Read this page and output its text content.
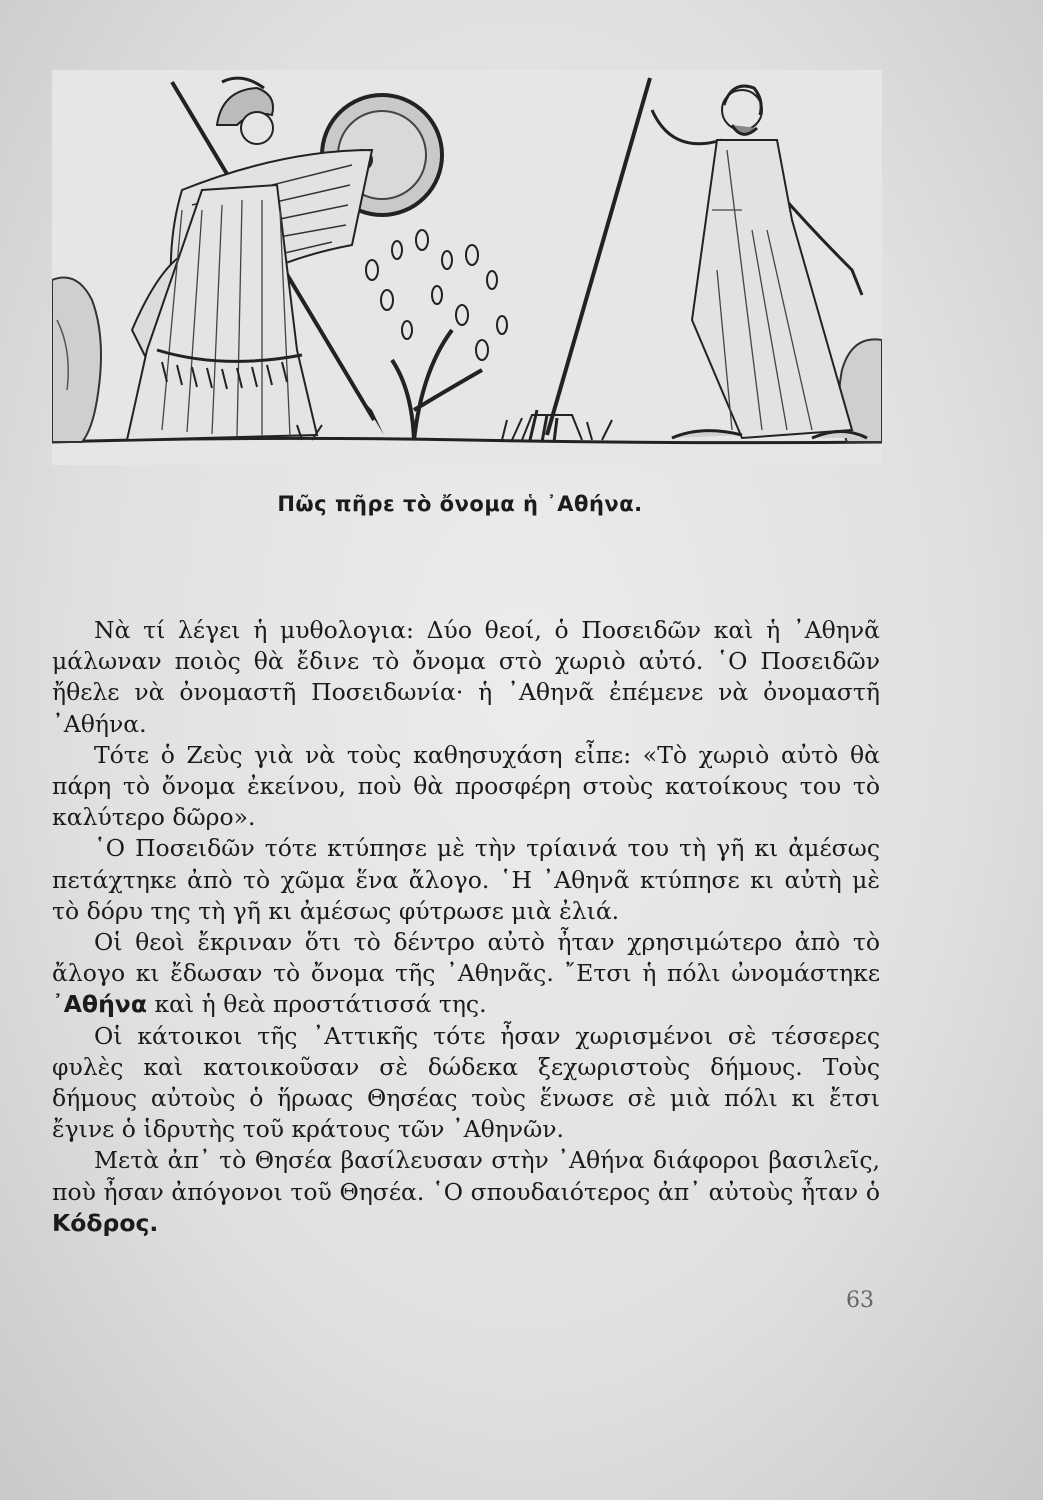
Πῶς πῆρε τὸ ὄνομα ἡ ᾿Αθήνα.

Νὰ τί λέγει ἡ μυθολογια: Δύο θεοί, ὁ Ποσειδῶν καὶ ἡ ᾿Αθηνᾶ μάλωναν ποιὸς θὰ ἔδινε τὸ ὄνομα στὸ χωριὸ αὐτό. ῾Ο Ποσειδῶν ἤθελε νὰ ὀνομαστῆ Ποσειδωνία· ἡ ᾿Αθηνᾶ ἐπέμενε νὰ ὀνομαστῆ ᾿Αθήνα.

Τότε ὁ Ζεὺς γιὰ νὰ τοὺς καθησυχάση εἶπε: «Τὸ χωριὸ αὐτὸ θὰ πάρη τὸ ὄνομα ἐκείνου, ποὺ θὰ προσφέρη στοὺς κατοίκους του τὸ καλύτερο δῶρο».

῾Ο Ποσειδῶν τότε κτύπησε μὲ τὴν τρίαινά του τὴ γῆ κι ἀμέσως πετάχτηκε ἀπὸ τὸ χῶμα ἕνα ἄλογο. ῾Η ᾿Αθηνᾶ κτύπησε κι αὐτὴ μὲ τὸ δόρυ της τὴ γῆ κι ἀμέσως φύτρωσε μιὰ ἐλιά.

Οἱ θεοὶ ἔκριναν ὅτι τὸ δέντρο αὐτὸ ἦταν χρησιμώτερο ἀπὸ τὸ ἄλογο κι ἔδωσαν τὸ ὄνομα τῆς ᾿Αθηνᾶς. ῎Ετσι ἡ πόλι ὠνομάστηκε ᾿Αθήνα καὶ ἡ θεὰ προστάτισσά της.

Οἱ κάτοικοι τῆς ᾿Αττικῆς τότε ἦσαν χωρισμένοι σὲ τέσσερες φυλὲς καὶ κατοικοῦσαν σὲ δώδεκα ξεχωριστοὺς δήμους. Τοὺς δήμους αὐτοὺς ὁ ἥρωας Θησέας τοὺς ἕνωσε σὲ μιὰ πόλι κι ἔτσι ἔγινε ὁ ἱδρυτὴς τοῦ κράτους τῶν ᾿Αθηνῶν.

Μετὰ ἀπ᾿ τὸ Θησέα βασίλευσαν στὴν ᾿Αθήνα διάφοροι βασιλεῖς, ποὺ ἦσαν ἀπόγονοι τοῦ Θησέα. ῾Ο σπουδαιότερος ἀπ᾿ αὐτοὺς ἦταν ὁ Κόδρος.

63
